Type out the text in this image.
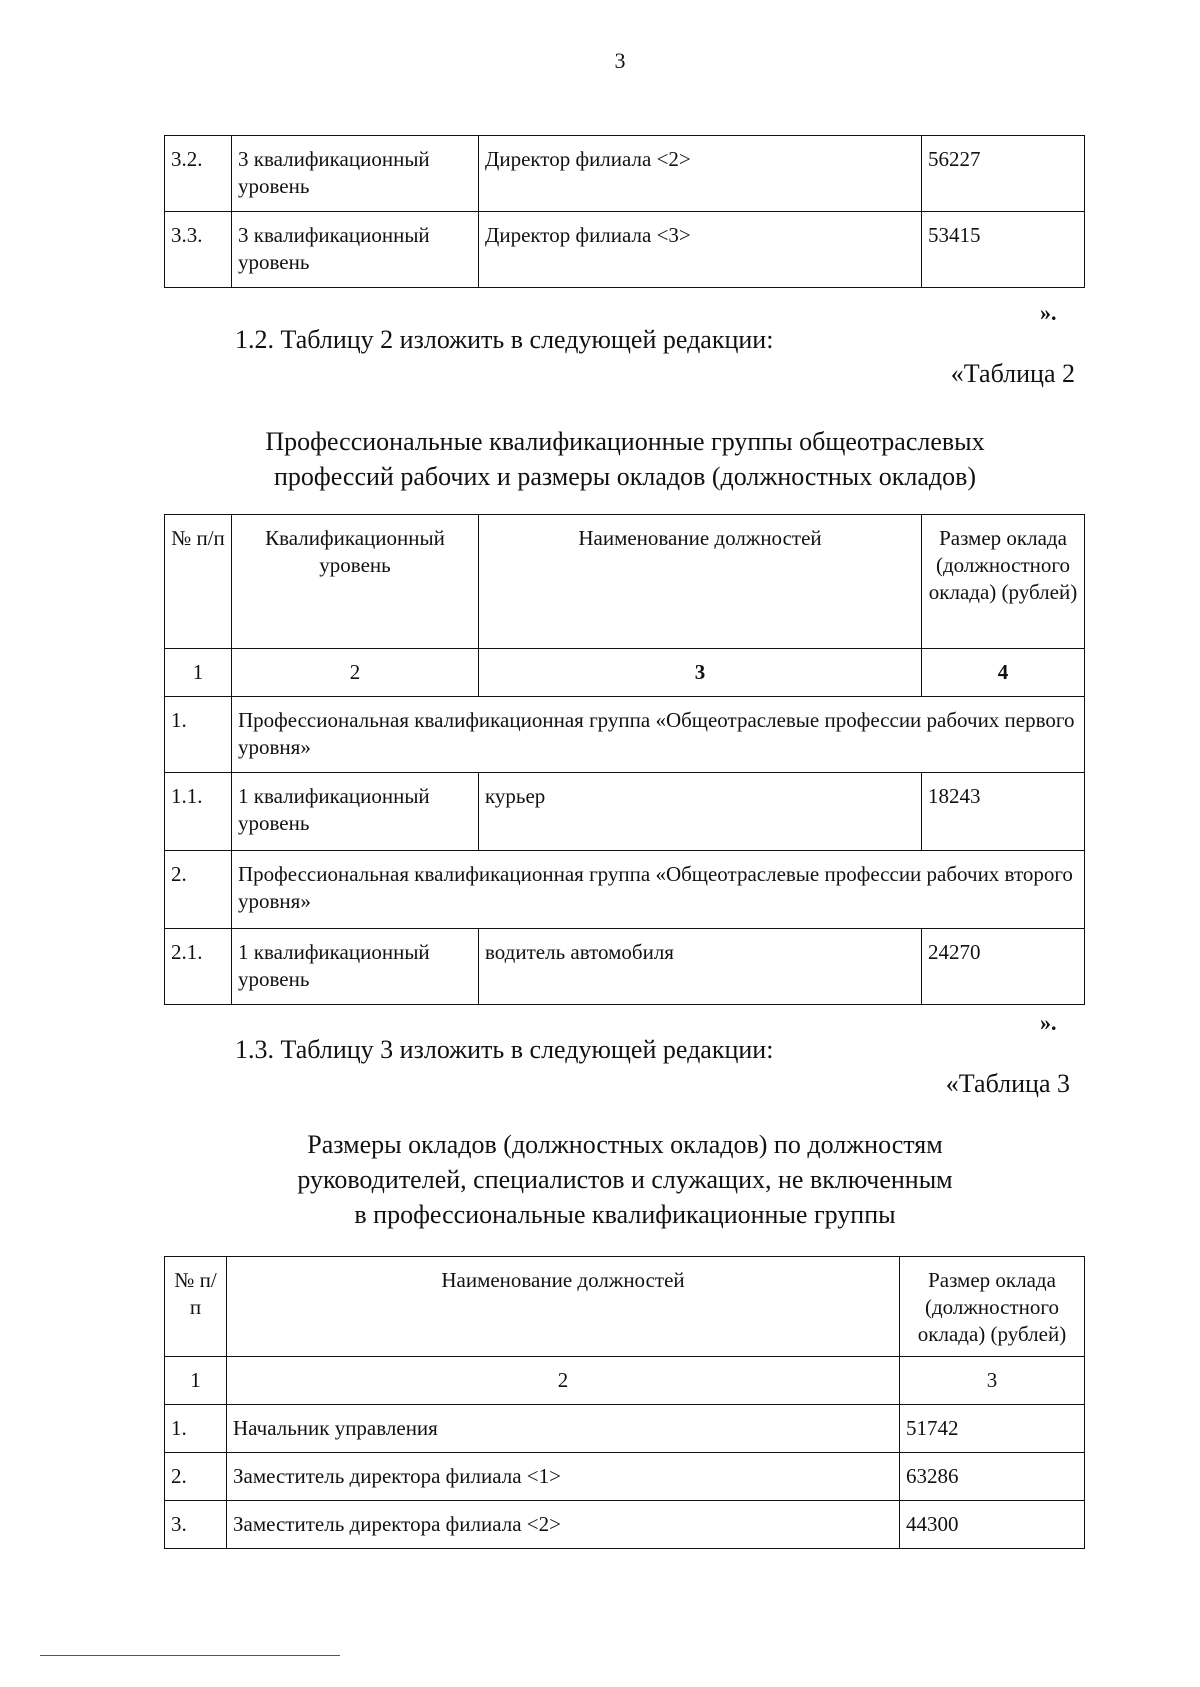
3
3.2.	3 квалификационный уровень	Директор филиала <2>	56227
3.3.	3 квалификационный уровень	Директор филиала <3>	53415
».
1.2. Таблицу 2 изложить в следующей редакции:
«Таблица 2
Профессиональные квалификационные группы общеотраслевых
профессий рабочих и размеры окладов (должностных окладов)
№ п/п	Квалификационный уровень	Наименование должностей	Размер оклада (должностного оклада) (рублей)
1	2	3	4
1.	Профессиональная квалификационная группа «Общеотраслевые профессии рабочих первого уровня»		
1.1.	1 квалификационный уровень	курьер	18243
2.	Профессиональная квалификационная группа «Общеотраслевые профессии рабочих второго уровня»		
2.1.	1 квалификационный уровень	водитель автомобиля	24270
».
1.3. Таблицу 3 изложить в следующей редакции:
«Таблица 3
Размеры окладов (должностных окладов) по должностям
руководителей, специалистов и служащих, не включенным
в профессиональные квалификационные группы
№ п/п	Наименование должностей	Размер оклада (должностного оклада) (рублей)
1	2	3
1.	Начальник управления	51742
2.	Заместитель директора филиала <1>	63286
3.	Заместитель директора филиала <2>	44300
